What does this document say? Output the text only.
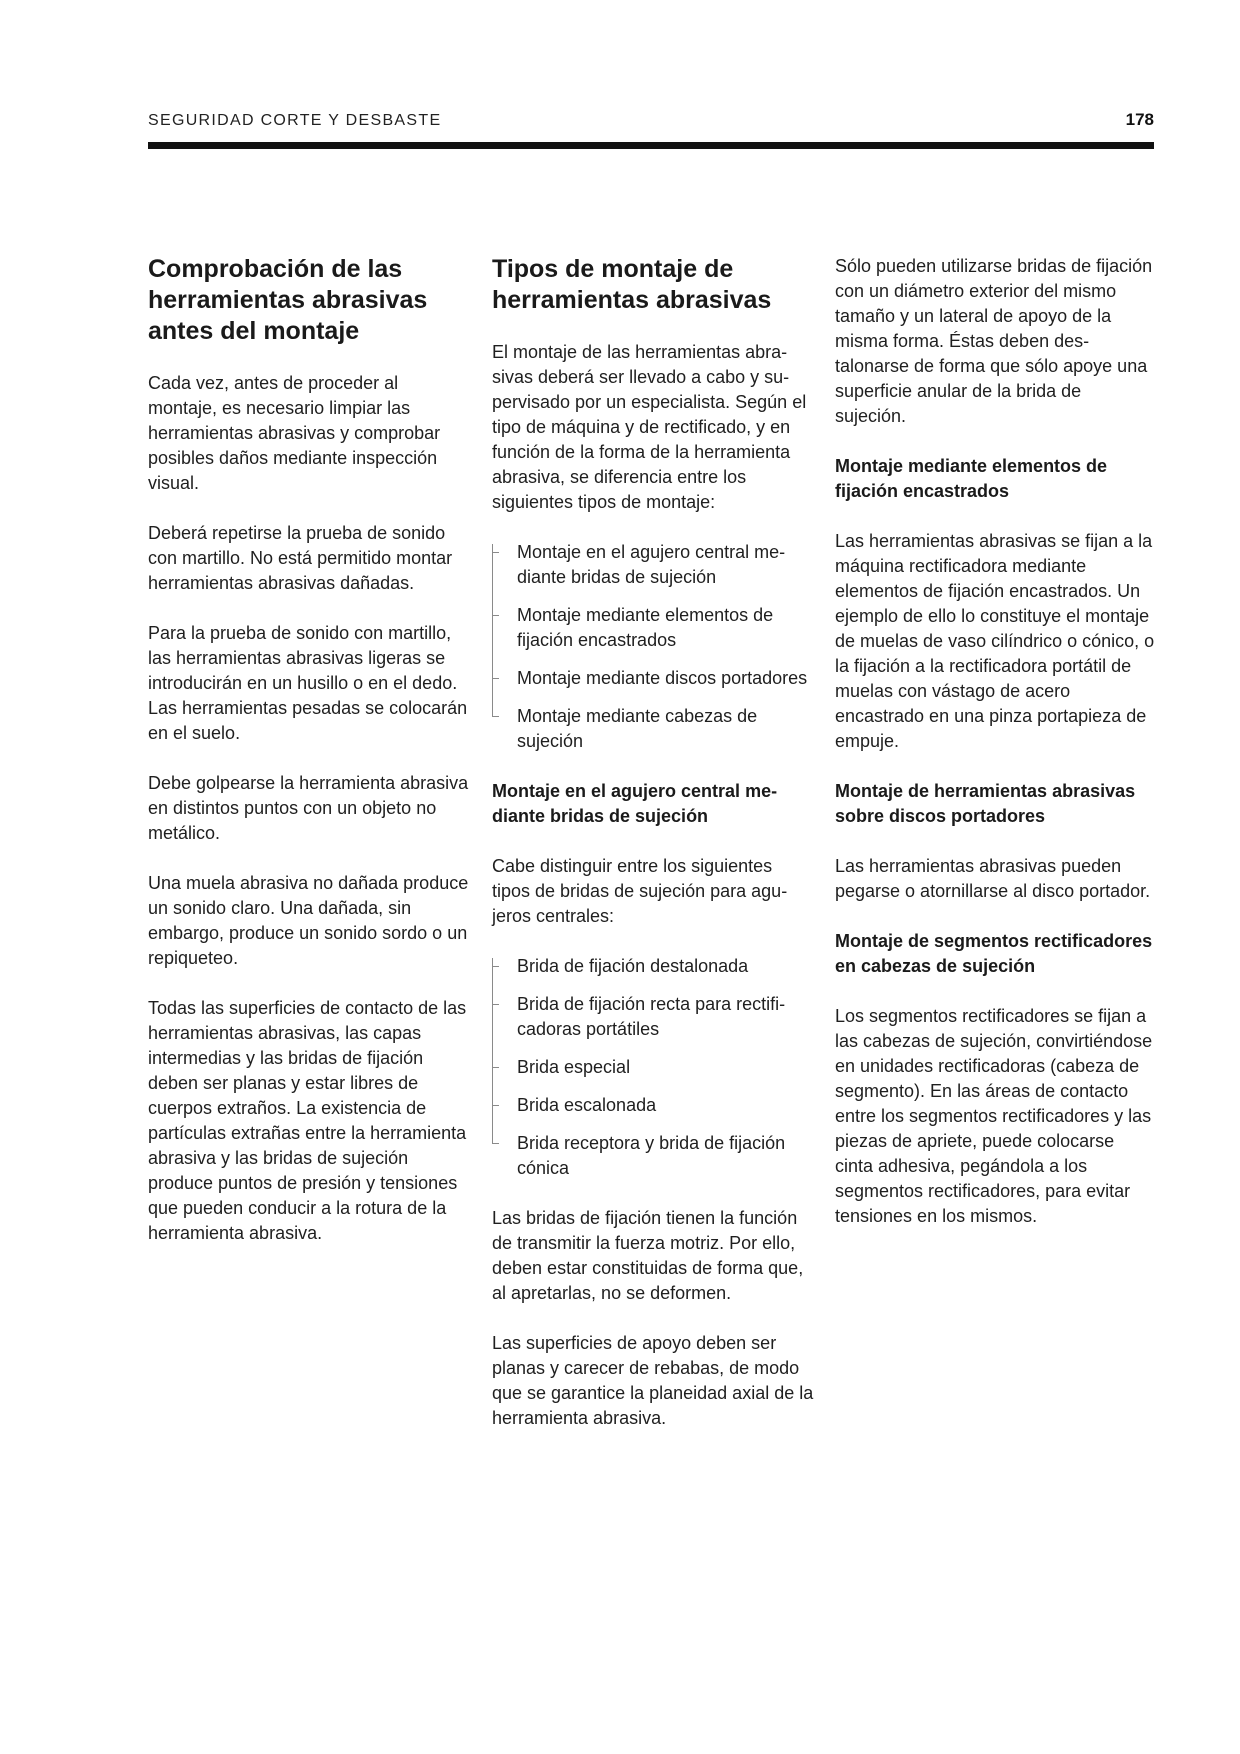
SEGURIDAD CORTE Y DESBASTE	178
Comprobación de las herramientas abrasivas antes del montaje

Cada vez, antes de proceder al montaje, es necesario limpiar las herramientas abrasivas y comprobar posibles daños mediante inspección visual.

Deberá repetirse la prueba de sonido con martillo. No está permitido montar herramientas abrasivas dañadas.

Para la prueba de sonido con martillo, las herramientas abrasivas ligeras se introducirán en un husillo o en el dedo. Las herramientas pesadas se colocarán en el suelo.

Debe golpearse la herramienta abrasiva en distintos puntos con un objeto no metálico.

Una muela abrasiva no dañada produce un sonido claro. Una dañada, sin embargo, produce un sonido sordo o un repiqueteo.

Todas las superficies de contacto de las herramientas abrasivas, las capas intermedias y las bridas de fijación deben ser planas y estar libres de cuerpos extraños. La existencia de partículas extrañas entre la herramienta abrasiva y las bridas de sujeción produce puntos de presión y tensiones que pueden conducir a la rotura de la herramienta abrasiva.

Tipos de montaje de herramientas abrasivas

El montaje de las herramientas abrasivas deberá ser llevado a cabo y supervisado por un especialista. Según el tipo de máquina y de rectificado, y en función de la forma de la herramienta abrasiva, se diferencia entre los siguientes tipos de montaje:

Montaje en el agujero central mediante bridas de sujeción
Montaje mediante elementos de fijación encastrados
Montaje mediante discos portadores
Montaje mediante cabezas de sujeción
Montaje en el agujero central mediante bridas de sujeción

Cabe distinguir entre los siguientes tipos de bridas de sujeción para agujeros centrales:

Brida de fijación destalonada
Brida de fijación recta para rectificadoras portátiles
Brida especial
Brida escalonada
Brida receptora y brida de fijación cónica

Las bridas de fijación tienen la función de transmitir la fuerza motriz. Por ello, deben estar constituidas de forma que, al apretarlas, no se deformen.

Las superficies de apoyo deben ser planas y carecer de rebabas, de modo que se garantice la planeidad axial de la herramienta abrasiva.

Sólo pueden utilizarse bridas de fijación con un diámetro exterior del mismo tamaño y un lateral de apoyo de la misma forma. Éstas deben destalonarse de forma que sólo apoye una superficie anular de la brida de sujeción.

Montaje mediante elementos de fijación encastrados

Las herramientas abrasivas se fijan a la máquina rectificadora mediante elementos de fijación encastrados. Un ejemplo de ello lo constituye el montaje de muelas de vaso cilíndrico o cónico, o la fijación a la rectificadora portátil de muelas con vástago de acero encastrado en una pinza portapieza de empuje.

Montaje de herramientas abrasivas sobre discos portadores

Las herramientas abrasivas pueden pegarse o atornillarse al disco portador.

Montaje de segmentos rectificadores en cabezas de sujeción

Los segmentos rectificadores se fijan a las cabezas de sujeción, convirtiéndose en unidades rectificadoras (cabeza de segmento). En las áreas de contacto entre los segmentos rectificadores y las piezas de apriete, puede colocarse cinta adhesiva, pegándola a los segmentos rectificadores, para evitar tensiones en los mismos.
